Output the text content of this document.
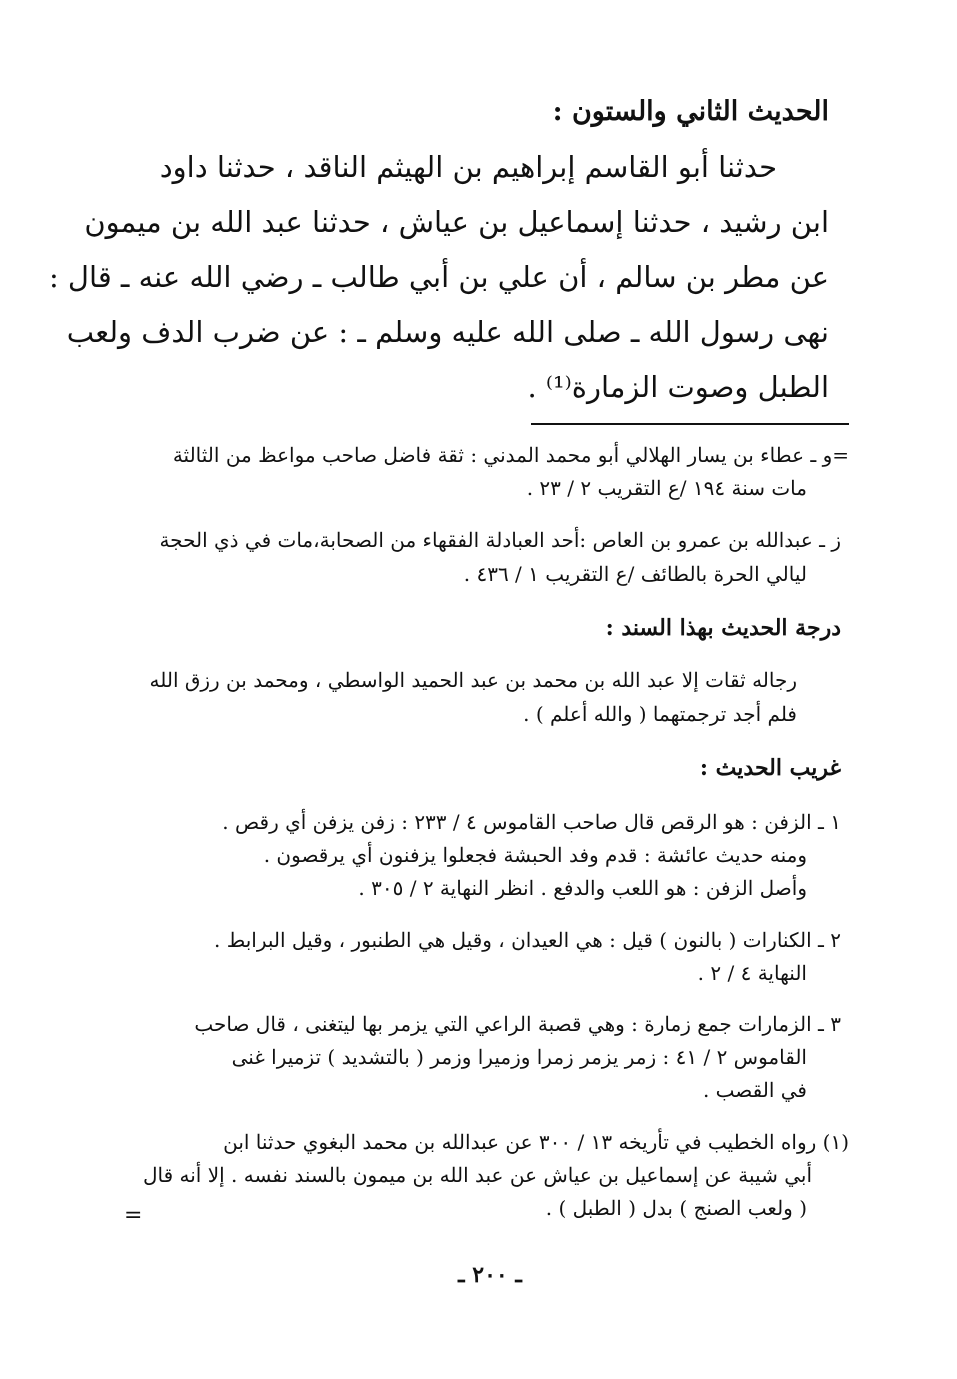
الحديث الثاني والستون :
حدثنا أبو القاسم إبراهيم بن الهيثم الناقد ، حدثنا داود
ابن رشيد ، حدثنا إسماعيل بن عياش ، حدثنا عبد الله بن ميمون
عن مطر بن سالم ، أن علي بن أبي طالب ـ رضي الله عنه ـ قال :
نهى رسول الله ـ صلى الله عليه وسلم ـ : عن ضرب الدف ولعب
الطبل وصوت الزمارة⁽¹⁾ .
=و ـ عطاء بن يسار الهلالي أبو محمد المدني : ثقة فاضل صاحب مواعظ من الثالثة
مات سنة ١٩٤ /ع التقريب ٢ / ٢٣ .
ز ـ عبدالله بن عمرو بن العاص :أحد العبادلة الفقهاء من الصحابة،مات في ذي الحجة
ليالي الحرة بالطائف /ع التقريب ١ / ٤٣٦ .
درجة الحديث بهذا السند :
رجاله ثقات إلا عبد الله بن محمد بن عبد الحميد الواسطي ، ومحمد بن رزق الله
فلم أجد ترجمتهما ( والله أعلم ) .
غريب الحديث :
١ ـ الزفن : هو الرقص قال صاحب القاموس ٤ / ٢٣٣ : زفن يزفن أي رقص .
ومنه حديث عائشة : قدم وفد الحبشة فجعلوا يزفنون أي يرقصون .
وأصل الزفن : هو اللعب والدفع . انظر النهاية ٢ / ٣٠٥ .
٢ ـ الكنارات ( بالنون ) قيل : هي العيدان ، وقيل هي الطنبور ، وقيل البرابط .
النهاية ٤ / ٢ .
٣ ـ الزمارات جمع زمارة : وهي قصبة الراعي التي يزمر بها ليتغنى ، قال صاحب
القاموس ٢ / ٤١ : زمر يزمر زمرا وزميرا وزمر ( بالتشديد ) تزميرا غنى
في القصب .
(١) رواه الخطيب في تأريخه ١٣ / ٣٠٠ عن عبدالله بن محمد البغوي حدثنا ابن
أبي شيبة عن إسماعيل بن عياش عن عبد الله بن ميمون بالسند نفسه . إلا أنه قال
( ولعب الصنج ) بدل ( الطبل ) .
=
ـ ٢٠٠ ـ
